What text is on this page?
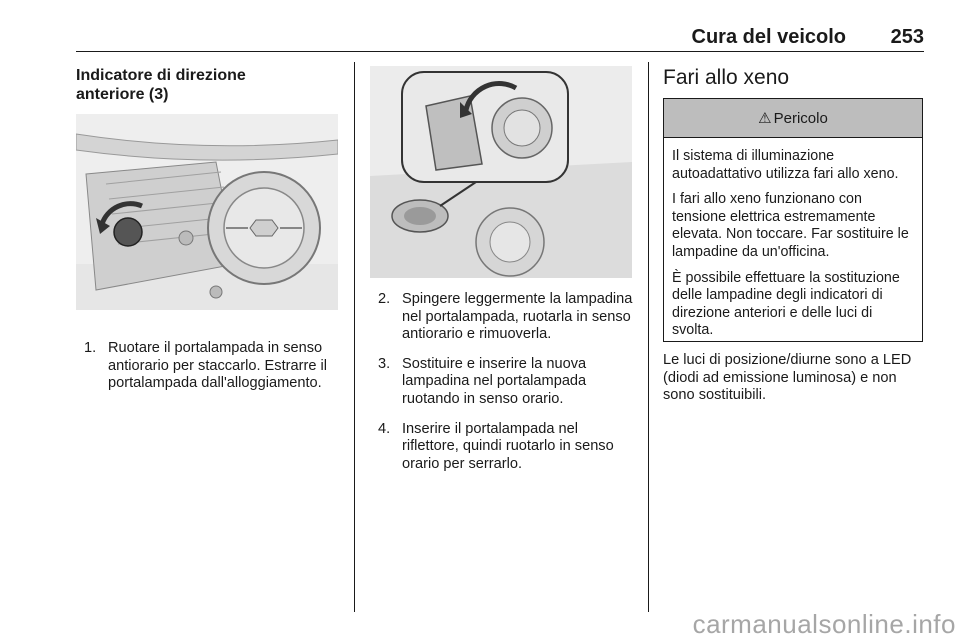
Cura del veicolo 253
Indicatore di direzione
anteriore (3)
1. Ruotare il portalampada in senso antiorario per staccarlo. Estrarre il portalampada dall'alloggiamento.
2. Spingere leggermente la lampadina nel portalampada, ruotarla in senso antiorario e rimuoverla.
3. Sostituire e inserire la nuova lampadina nel portalampada ruotando in senso orario.
4. Inserire il portalampada nel riflettore, quindi ruotarlo in senso orario per serrarlo.
Fari allo xeno
⚠ Pericolo

Il sistema di illuminazione autoadattativo utilizza fari allo xeno.

I fari allo xeno funzionano con tensione elettrica estremamente elevata. Non toccare. Far sostituire le lampadine da un'officina.

È possibile effettuare la sostituzione delle lampadine degli indicatori di direzione anteriori e delle luci di svolta.

Le luci di posizione/diurne sono a LED (diodi ad emissione luminosa) e non sono sostituibili.
carmanualsonline.info
